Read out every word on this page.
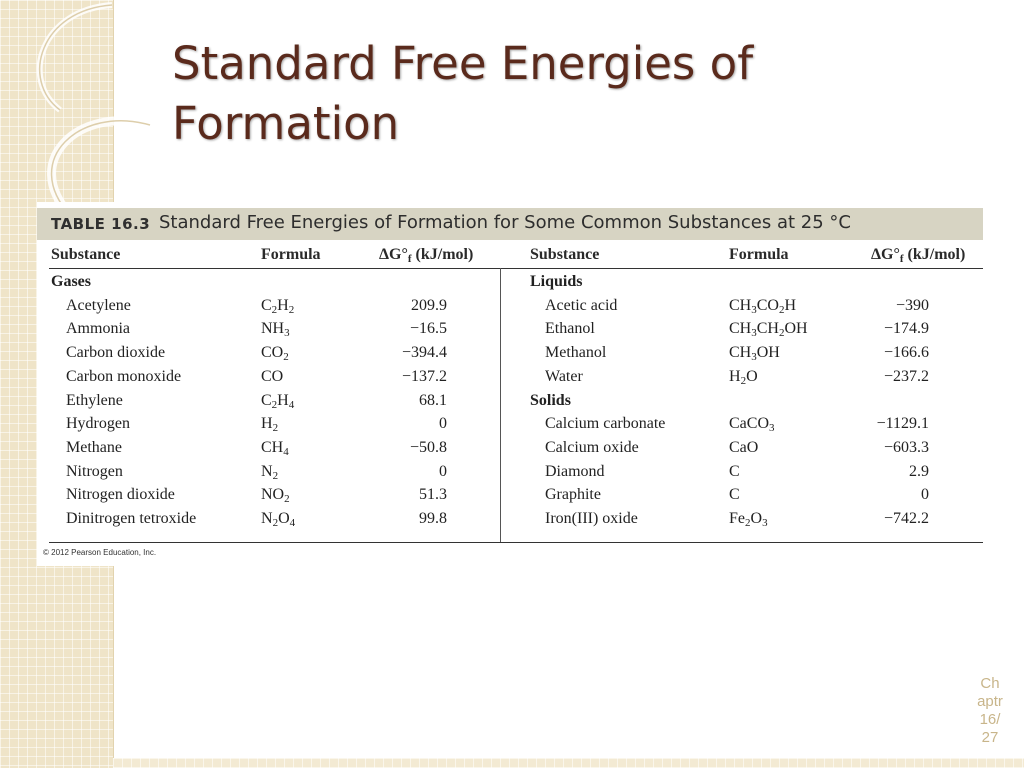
Standard Free Energies of Formation
TABLE 16.3 Standard Free Energies of Formation for Some Common Substances at 25 °C
Substance	Formula	$\Delta G^\circ_f$ (kJ/mol)	Substance	Formula	$\Delta G^\circ_f$ (kJ/mol)
Gases
Acetylene	$C_2H_2$	209.9
Ammonia	$NH_3$	−16.5
Carbon dioxide	$CO_2$	−394.4
Carbon monoxide	CO	−137.2
Ethylene	$C_2H_4$	68.1
Hydrogen	$H_2$	0
Methane	$CH_4$	−50.8
Nitrogen	$N_2$	0
Nitrogen dioxide	$NO_2$	51.3
Dinitrogen tetroxide	$N_2O_4$	99.8
Liquids
Acetic acid	$CH_3CO_2H$	−390
Ethanol	$CH_3CH_2OH$	−174.9
Methanol	$CH_3OH$	−166.6
Water	$H_2O$	−237.2
Solids
Calcium carbonate	CaCO$_3$	−1129.1
Calcium oxide	CaO	−603.3
Diamond	C	2.9
Graphite	C	0
Iron(III) oxide	$Fe_2O_3$	−742.2
© 2012 Pearson Education, Inc.
Ch
aptr
16/
27
